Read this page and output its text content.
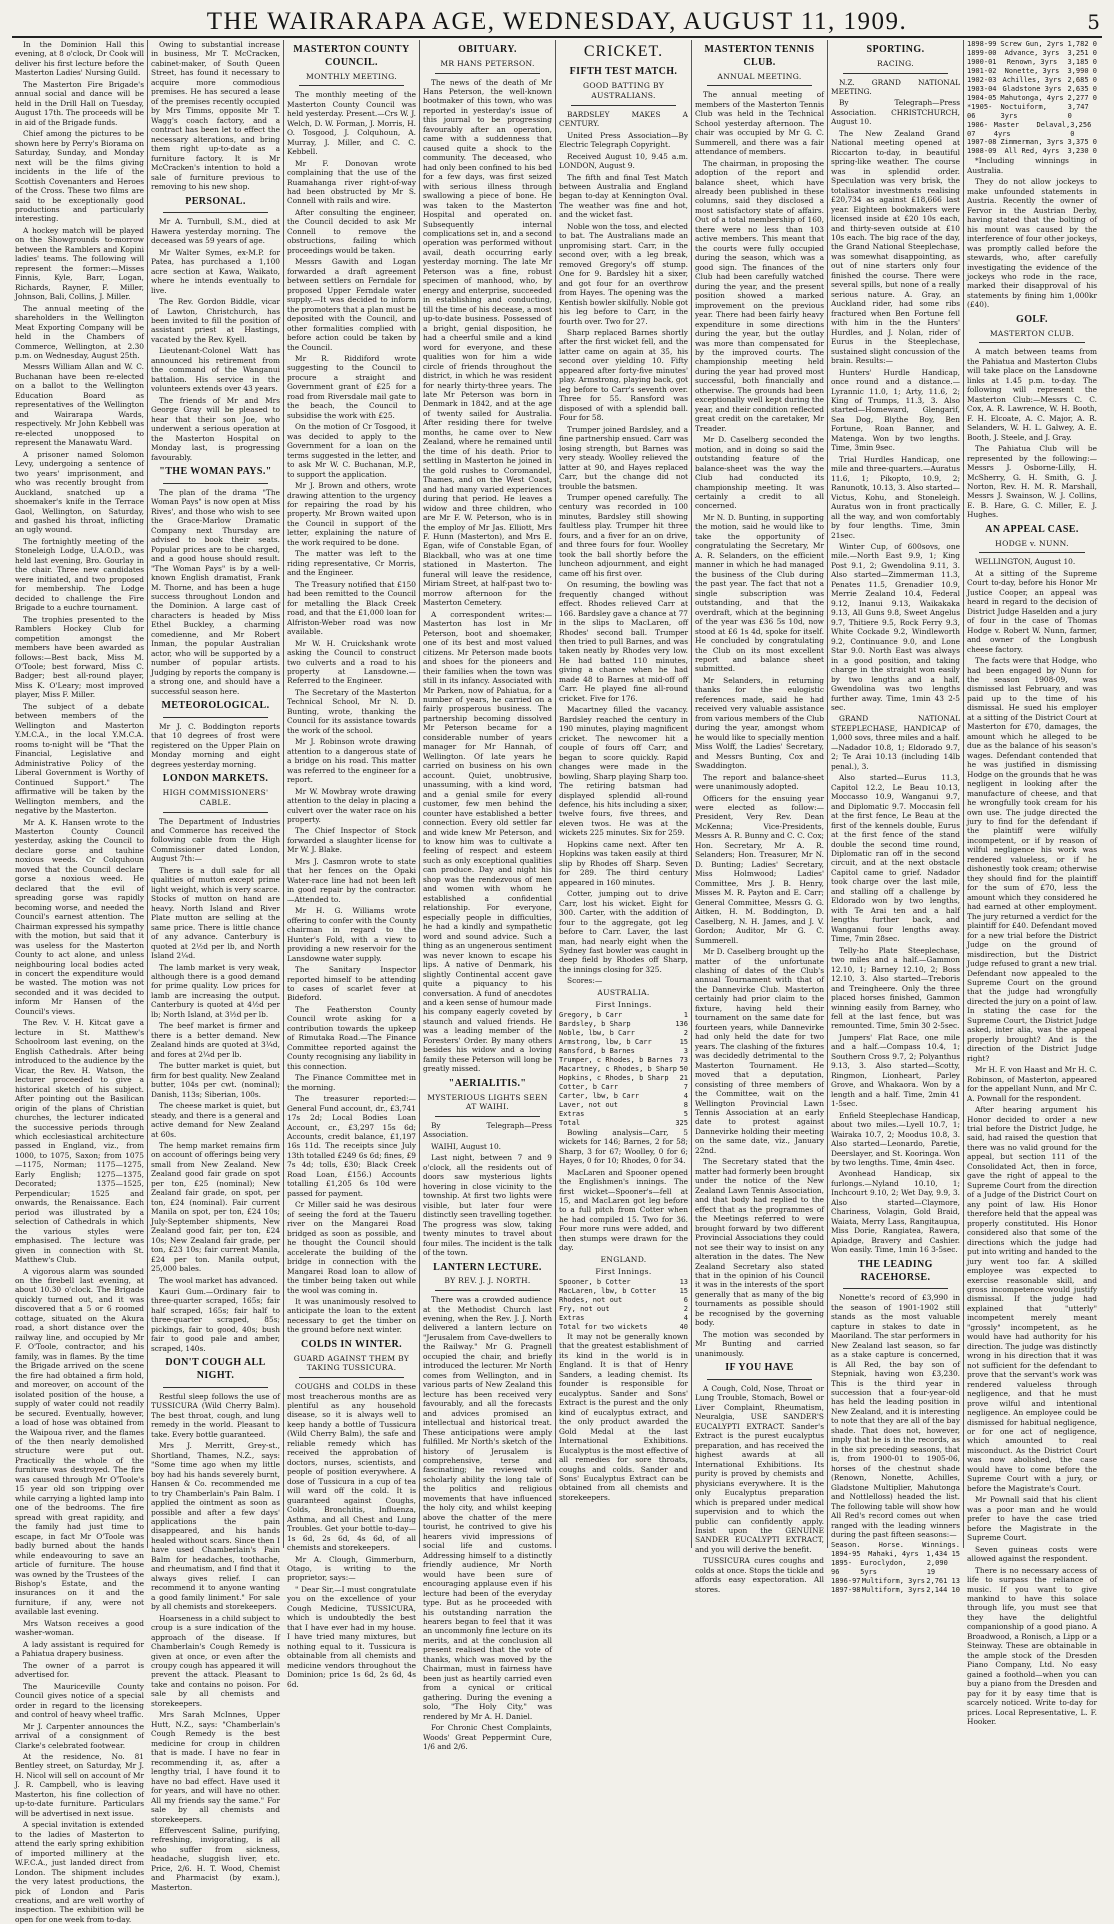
THE WAIRARAPA AGE, WEDNESDAY, AUGUST 11, 1909.	5

In the Dominion Hall this evening, at 8 o'clock, Dr Cook will deliver his first lecture before the Masterton Ladies' Nursing Guild.

The Masterton Fire Brigade's annual social and dance will be held in the Drill Hall on Tuesday, August 17th. The proceeds will be in aid of the Brigade funds.

Chief among the pictures to be shown here by Perry's Biorama on Saturday, Sunday, and Monday next will be the films giving incidents in the life of the Scottish Covenanters and Heroes of the Cross. These two films are said to be exceptionally good productions and particularly interesting.

A hockey match will be played on the Showgrounds to-morrow between the Ramblers and Kopini ladies' teams. The following will represent the former:—Misses Finnis, Kyle, Barr, Logan, Richards, Rayner, F. Miller, Johnson, Bali, Collins, J. Miller.

The annual meeting of the shareholders in the Wellington Meat Exporting Company will be held in the Chambers of Commerce, Wellington, at 2.30 p.m. on Wednesday, August 25th.

Messrs William Allan and W. C. Buchanan have been re-elected on a ballot to the Wellington Education Board as representatives of the Wellington and Wairarapa Wards, respectively. Mr John Kebbell was re-elected unopposed to represent the Manawatu Ward.

A prisoner named Solomon Levy, undergoing a sentence of two years' imprisonment, and who was recently brought from Auckland, snatched up a shoemaker's knife in the Terrace Gaol, Wellington, on Saturday, and gashed his throat, inflicting an ugly wound.

The fortnightly meeting of the Stoneleigh Lodge, U.A.O.D., was held last evening, Bro. Gourlay in the chair. Three new candidates were initiated, and two proposed for membership. The Lodge decided to challenge the Fire Brigade to a euchre tournament.

The trophies presented to the Ramblers Hockey Club for competition amongst the members have been awarded as follows:—Best back, Miss M. O'Toole; best forward, Miss C. Badger; best all-round player, Miss K. O'Leary; most improved player, Miss F. Miller.

The subject of a debate between members of the Wellington and Masterton Y.M.C.A., in the local Y.M.C.A. rooms to-night will be "That the Financial, Legislative and Administrative Policy of the Liberal Government is Worthy of Continued Support." The affirmative will be taken by the Wellington members, and the negative by the Masterton.

Mr A. K. Hansen wrote to the Masterton County Council yesterday, asking the Council to declare gorse and tauhine noxious weeds. Cr Colquhoun moved that the Council declare gorse a noxious weed. He declared that the evil of spreading gorse was rapidly becoming worse, and needed the Council's earnest attention. The Chairman expressed his sympathy with the motion, but said that it was useless for the Masterton County to act alone, and unless neighbouring local bodies acted in concert the expenditure would be wasted. The motion was not seconded and it was decided to inform Mr Hansen of the Council's views.

The Rev. V. H. Kitcat gave a lecture in St. Matthew's Schoolroom last evening, on the English Cathedrals. After being introduced to the audience by the Vicar, the Rev. H. Watson, the lecturer proceeded to give a historical sketch of his subject. After pointing out the Basilican origin of the plans of Christian churches, the lecturer indicated the successive periods through which ecclesiastical architecture passed in England, viz., from 1000, to 1075, Saxon; from 1075—1175, Norman; 1175—1275, Early English; 1275—1375, Decorated; 1375—1525, Perpendicular; 1525 and onwards, the Renaissance. Each period was illustrated by a selection of Cathedrals in which the various styles were emphasised. The lecture was given in connection with St. Matthew's Club.

A vigorous alarm was sounded on the firebell last evening, at about 10.30 o'clock. The Brigade quickly turned out, and it was discovered that a 5 or 6 roomed cottage, situated on the Akura road, a short distance over the railway line, and occupied by Mr F. O'Toole, contractor, and his family, was in flames. By the time the Brigade arrived on the scene the fire had obtained a firm hold, and moreover, on account of the isolated position of the house, a supply of water could not readily be secured. Eventually, however, a load of hose was obtained from the Waipoua river, and the flames of the then nearly demolished structure were put out. Practically the whole of the furniture was destroyed. The fire was caused through Mr O'Toole's 15 year old son tripping over while carrying a lighted lamp into one of the bedrooms. The fire spread with great rapidity, and the family had just time to escape, in fact Mr O'Toole was badly burned about the hands while endeavouring to save an article of furniture. The house was owned by the Trustees of the Bishop's Estate, and the insurances on it and the furniture, if any, were not available last evening.

Mrs Watson receives a good washer-woman.

A lady assistant is required for a Pahiatua drapery business.

The owner of a parrot is advertised for.

The Mauriceville County Council gives notice of a special order in regard to the licensing and control of heavy wheel traffic.

Mr J. Carpenter announces the arrival of a consignment of Clarke's celebrated footwear.

At the residence, No. 81 Bentley street, on Saturday, Mr J. H. Nicol will sell on account of Mr J. R. Campbell, who is leaving Masterton, his fine collection of up-to-date furniture. Particulars will be advertised in next issue.

A special invitation is extended to the ladies of Masterton to attend the early spring exhibition of imported millinery at the W.F.C.A., just landed direct from London. The shipment includes the very latest productions, the pick of London and Paris creations, and are well worthy of inspection. The exhibition will be open for one week from to-day.

Owing to substantial increase in business, Mr T. McCracken, cabinet-maker, of South Queen Street, has found it necessary to acquire more commodious premises. He has secured a lease of the premises recently occupied by Mrs Timms, opposite Mr T. Wagg's coach factory, and a contract has been let to effect the necessary alterations, and bring them right up-to-date as a furniture factory. It is Mr McCracken's intention to hold a sale of furniture previous to removing to his new shop.

PERSONAL.

Mr A. Turnbull, S.M., died at Hawera yesterday morning. The deceased was 59 years of age.

Mr Walter Symes, ex-M.P. for Patea, has purchased a 1,100 acre section at Kawa, Waikato, where he intends eventually to live.

The Rev. Gordon Biddle, vicar of Lawton, Christchurch, has been invited to fill the position of assistant priest at Hastings, vacated by the Rev. Kyell.

Lieutenant-Colonel Watt has announced his retirement from the command of the Wanganui battalion. His service in the volunteers extends over 43 years.

The friends of Mr and Mrs George Gray will be pleased to hear that their son Joe, who underwent a serious operation at the Masterton Hospital on Monday last, is progressing favourably.

"THE WOMAN PAYS."

The plan of the drama "The Woman Pays" is now open at Miss Rives', and those who wish to see the Grace-Marlow Dramatic Company next Thursday are advised to book their seats. Popular prices are to be charged, and a good house should result. "The Woman Pays" is by a well-known English dramatist, Frank M. Thorne, and has been a huge success throughout London and the Dominion. A large cast of characters is headed by Miss Ethel Buckley, a charming comedienne, and Mr Robert Inman, the popular Australian actor, who will be supported by a number of popular artists. Judging by reports the company is a strong one, and should have a successful season here.

METEOROLOGICAL.

Mr J. C. Boddington reports that 10 degrees of frost were registered on the Upper Plain on Monday morning and eight degrees yesterday morning.

LONDON MARKETS.
HIGH COMMISSIONERS' CABLE.

The Department of Industries and Commerce has received the following cable from the High Commissioner dated London, August 7th:—

There is a dull sale for all qualities of mutton except prime light weight, which is very scarce. Stocks of mutton on hand are heavy. North Island and River Plate mutton are selling at the same price. There is little chance of any advance. Canterbury is quoted at 2½d per lb, and North Island 2¼d.

The lamb market is very weak, although there is a good demand for prime quality. Low prices for lamb are increasing the output. Canterbury is quoted at 4½d per lb; North Island, at 3½d per lb.

The beef market is firmer and there is a better demand. New Zealand hinds are quoted at 3¼d, and fores at 2¼d per lb.

The butter market is quiet, but firm for best quality. New Zealand butter, 104s per cwt. (nominal); Danish, 113s; Siberian, 100s.

The cheese market is quiet, but steady, and there is a general and active demand for New Zealand at 60s.

The hemp market remains firm on account of offerings being very small from New Zealand. New Zealand good fair grade on spot per ton, £25 (nominal); New Zealand fair grade, on spot, per ton, £24 (nominal). Fair current Manila on spot, per ton, £24 10s; July-September shipments, New Zealand good fair, per ton, £24 10s; New Zealand fair grade, per ton, £23 10s; fair current Manila, £24 per ton. Manila output, 25,000 bales.

The wool market has advanced.

Kauri Gum.—Ordinary fair to three-quarter scraped, 165s; fair half scraped, 165s; fair half to three-quarter scraped, 85s; pickings, fair to good, 40s; bush fair to good pale and amber, scraped, 140s.

DON'T COUGH ALL NIGHT.

Restful sleep follows the use of TUSSICURA (Wild Cherry Balm). The best throat, cough, and lung remedy in the world. Pleasant to take. Every bottle guaranteed.

Mrs J. Merritt, Grey-st., Shortland, Thames, N.Z., says: "Some time ago when my little boy had his hands severely burnt, Hansen & Co. recommended me to try Chamberlain's Pain Balm. I applied the ointment as soon as possible and after a few days' applications the pain disappeared, and his hands healed without scars. Since then I have used Chamberlain's Pain Balm for headaches, toothache, and rheumatism, and I find that it always gives relief. I can recommend it to anyone wanting a good family liniment." For sale by all chemists and storekeepers.

Hoarseness in a child subject to croup is a sure indication of the approach of the disease. If Chamberlain's Cough Remedy is given at once, or even after the croupy cough has appeared it will prevent the attack. Pleasant to take and contains no poison. For sale by all chemists and storekeepers.

Mrs Sarah McInnes, Upper Hutt, N.Z., says: "Chamberlain's Cough Remedy is the best medicine for croup in children that is made. I have no fear in recommending it, as, after a lengthy trial, I have found it to have no bad effect. Have used it for years, and will have no other. All my friends say the same." For sale by all chemists and storekeepers.

Effervescent Saline, purifying, refreshing, invigorating, is all who suffer from sickness, headache, sluggish liver, etc. Price, 2/6. H. T. Wood, Chemist and Pharmacist (by exam.), Masterton.

MASTERTON COUNTY COUNCIL.
MONTHLY MEETING.

The monthly meeting of the Masterton County Council was held yesterday. Present.—Crs W. J. Welch, D. W. Forman, J. Morris, H. O. Tosgood, J. Colquhoun, A. Murray, J. Miller, and C. C. Kebbell.

Mr F. Donovan wrote complaining that the use of the Ruamahanga river right-of-way had been obstructed by Mr S. Connell with rails and wire.

After consulting the engineer, the Council decided to ask Mr Connell to remove the obstructions, failing which proceedings would be taken.

Messrs Gawith and Logan forwarded a draft agreement between settlers on Ferndale for proposed Upper Ferndale water supply.—It was decided to inform the promoters that a plan must be deposited with the Council, and other formalities complied with before action could be taken by the Council.

Mr R. Riddiford wrote suggesting to the Council to procure a straight and Government grant of £25 for a road from Riversdale mail gate to the beach, the Council to subsidise the work with £25.

On the motion of Cr Tosgood, it was decided to apply to the Government for a loan on the terms suggested in the letter, and to ask Mr W. C. Buchanan, M.P., to support the application.

Mr J. Brown and others, wrote drawing attention to the urgency for repairing the road by his property. Mr Brown waited upon the Council in support of the letter, explaining the nature of the work required to be done.

The matter was left to the riding representative, Cr Morris, and the Engineer.

The Treasury notified that £150 had been remitted to the Council for metalling the Black Creek road, and that the £1,000 loan for Alfriston-Weber road was now available.

Mr W. H. Cruickshank wrote asking the Council to construct two culverts and a road to his property at Lansdowne.—Referred to the Engineer.

The Secretary of the Masterton Technical School, Mr N. D. Bunting, wrote, thanking the Council for its assistance towards the work of the school.

Mr J. Robinson wrote drawing attention to a dangerous state of a bridge on his road. This matter was referred to the engineer for a report.

Mr W. Mowbray wrote drawing attention to the delay in placing a culvert over the water race on his property.

The Chief Inspector of Stock forwarded a slaughter license for Mr W. J. Blake.

Mrs J. Casmron wrote to state that her fences on the Opaki Water-race line had not been left in good repair by the contractor.—Attended to.

Mr H. G. Williams wrote offering to confer with the County chairman in regard to the Hunter's Fold, with a view to providing a new reservoir for the Lansdowne water supply.

The Sanitary Inspector reported himself to be attending to cases of scarlet fever at Bideford.

The Featherston County Council wrote asking for a contribution towards the upkeep of Rimutaka Road.—The Finance Committee reported against the County recognising any liability in this connection.

The Finance Committee met in the morning.

The treasurer reported:—General Fund account, dr., £3,741 17s 2d; Local Bodies Loan Account, cr., £3,297 15s 6d; Accounts, credit balance, £1,197 16s 11d. The receipts since July 13th totalled £249 6s 6d; fines, £9 7s 4d; tolls, £30; Black Creek Road Loan, £156.) Accounts totalling £1,205 6s 10d were passed for payment.

Cr Miller said he was desirous of seeing the ford at the Taueru river on the Mangarei Road bridged as soon as possible, and he thought the Council should accelerate the building of the bridge in connection with the Mangarei Road loan to allow of the timber being taken out while the wool was coming in.

It was unanimously resolved to anticipate the loan to the extent necessary to get the timber on the ground before next winter.

COLDS IN WINTER.
GUARD AGAINST THEM BY TAKING TUSSICURA.

COUGHS and COLDS in these most treacherous months are as plentiful as any household disease, so it is always well to keep handy a bottle of Tussicura (Wild Cherry Balm), the safe and reliable remedy which has received the approbation of doctors, nurses, scientists, and people of position everywhere. A dose of Tussicura in a cup of tea will ward off the cold. It is guaranteed against Coughs, Colds, Bronchitis, Influenza, Asthma, and all Chest and Lung Troubles. Get your bottle to-day—1s 6d, 2s 6d, 4s 6d, of all chemists and storekeepers.

Mr A. Clough, Gimmerburn, Otago, is writing to the proprietor, says:—

" Dear Sir,—I must congratulate you on the excellence of your Cough Medicine, TUSSICURA, which is undoubtedly the best that I have ever had in my house. I have tried many mixtures, but nothing equal to it. Tussicura is obtainable from all chemists and medicine vendors throughout the Dominion; price 1s 6d, 2s 6d, 4s 6d.

OBITUARY.
MR HANS PETERSON.

The news of the death of Mr Hans Peterson, the well-known bootmaker of this town, who was reported in yesterday's issue of this journal to be progressing favourably after an operation, came with a suddenness that caused quite a shock to the community. The deceased, who had only been confined to his bed for a few days, was first seized with serious illness through swallowing a piece of bone. He was taken to the Masterton Hospital and operated on. Subsequently internal complications set in, and a second operation was performed without avail, death occurring early yesterday morning. The late Mr Peterson was a fine, robust specimen of manhood, who, by energy and enterprise, succeeded in establishing and conducting, till the time of his decease, a most up-to-date business. Possessed of a bright, genial disposition, he had a cheerful smile and a kind word for everyone, and these qualities won for him a wide circle of friends throughout the district, in which he was resident for nearly thirty-three years. The late Mr Peterson was born in Denmark in 1842, and at the age of twenty sailed for Australia. After residing there for twelve months, he came over to New Zealand, where he remained until the time of his death. Prior to settling in Masterton he joined in the gold rushes to Coromandel, Thames, and on the West Coast, and had many varied experiences during that period. He leaves a widow and three children, who are Mr F. W. Peterson, who is in the employ of Mr Jas. Elliott, Mrs F. Hunn (Masterton), and Mrs E. Egan, wife of Constable Egan, of Blackball, who was at one time stationed in Masterton. The funeral will leave the residence, Miriam Street, at half-past two to-morrow afternoon for the Masterton Cemetery.

A correspondent writes:—Masterton has lost in Mr Peterson, boot and shoemaker, one of its best and most valued citizens. Mr Peterson made boots and shoes for the pioneers and their families when the town was still in its infancy. Associated with Mr Parken, now of Pahiatua, for a number of years, he carried on a fairly prosperous business. The partnership becoming dissolved Mr Peterson became for a considerable number of years manager for Mr Hannah, of Wellington. Of late years he carried on business on his own account. Quiet, unobtrusive, unassuming, with a kind word, and a genial smile for every customer, few men behind the counter have established a better connection. Every old settler far and wide knew Mr Peterson, and to know him was to cultivate a feeling of respect and esteem such as only exceptional qualities can produce. Day and night his shop was the rendezvous of men and women with whom he established a confidential relationship. For everyone, especially people in difficulties, he had a kindly and sympathetic word and sound advice. Such a thing as an ungenerous sentiment was never known to escape his lips. A native of Denmark, his slightly Continental accent gave quite a piquancy to his conversation. A fund of anecdotes and a keen sense of humour made his company eagerly coveted by staunch and valued friends. He was a leading member of the Foresters' Order. By many others besides his widow and a loving family these Peterson will long be greatly missed.

"AERIALITIS."
MYSTERIOUS LIGHTS SEEN AT WAIHI.

By Telegraph—Press Association.

WAIHI, August 10.

Last night, between 7 and 9 o'clock, all the residents out of doors saw mysterious lights hovering in close vicinity to the township. At first two lights were visible, but later four were distinctly seen travelling together. The progress was slow, taking twenty minutes to travel about four miles. The incident is the talk of the town.

LANTERN LECTURE.
BY REV. J. J. NORTH.

There was a crowded audience at the Methodist Church last evening, when the Rev. J. J. North delivered a lantern lecture on "Jerusalem from Cave-dwellers to the Railway." Mr G. Pragnell occupied the chair, and briefly introduced the lecturer. Mr North comes from Wellington, and in various parts of New Zealand this lecture has been received very favourably, and all the forecasts and advices promised an intellectual and historical treat. These anticipations were amply fulfilled. Mr North's sketch of the history of Jerusalem is comprehensive, terse and fascinating; he reviewed with scholarly ability the long tale of the politics and religious movements that have influenced the holy city, and whilst keeping above the chatter of the mere tourist, he contrived to give his hearers vivid impressions of social life and customs. Addressing himself to a distinctly friendly audience, Mr North would have been sure of encouraging applause even if his lecture had been of the everyday type. But as he proceeded with his outstanding narration the hearers began to feel that it was an uncommonly fine lecture on its merits, and at the conclusion all present realised that the vote of thanks, which was moved by the Chairman, must in fairness have been just as heartily carried even from a cynical or critical gathering. During the evening a solo, "The Holy City," was rendered by Mr A. H. Daniel.

For Chronic Chest Complaints, Woods' Great Peppermint Cure, 1/6 and 2/6.

CRICKET.
FIFTH TEST MATCH.
GOOD BATTING BY AUSTRALIANS.

BARDSLEY MAKES A CENTURY.

United Press Association—By Electric Telegraph Copyright.

Received August 10, 9.45 a.m. LONDON, August 9.

The fifth and final Test Match between Australia and England began to-day at Kennington Oval. The weather was fine and hot, and the wicket fast.

Noble won the toss, and elected to bat. The Australians made an unpromising start. Carr, in the second over, with a leg break, removed Gregory's off stump. One for 9. Bardsley hit a sixer, and got four for an overthrow from Hayes. The opening was the Kentish bowler skilfully. Noble got his leg before to Carr, in the fourth over. Two for 27.

Sharp replaced Barnes shortly after the first wicket fell, and the latter came on again at 35, his second over yielding 10. Fifty appeared after forty-five minutes' play. Armstrong, playing back, got leg before to Carr's seventh over. Three for 55. Ransford was disposed of with a splendid ball. Four for 58.

Trumper joined Bardsley, and a fine partnership ensued. Carr was losing strength, but Barnes was very steady. Woolley relieved the latter at 90, and Hayes replaced Carr, but the change did not trouble the batsmen.

Trumper opened carefully. The century was recorded in 100 minutes, Bardsley still showing faultless play. Trumper hit three fours, and a fiver for an on drive, and three fours for four. Woolley took the ball shortly before the luncheon adjournment, and eight came off his first over.

On resuming, the bowling was frequently changed without effect. Rhodes relieved Carr at 166. Bardsley gave a chance at 77 in the slips to MacLaren, off Rhodes' second ball. Trumper then tried to pull Barnes, and was taken neatly by Rhodes very low. He had batted 110 minutes, giving a chance when he had made 48 to Barnes at mid-off off Carr. He played fine all-round cricket. Five for 176.

Macartney filled the vacancy. Bardsley reached the century in 190 minutes, playing magnificent cricket. The newcomer hit a couple of fours off Carr, and began to score quickly. Rapid changes were made in the bowling, Sharp playing Sharp too. The retiring batsman had displayed splendid all-round defence, his hits including a sixer, twelve fours, five threes, and eleven twos. He was at the wickets 225 minutes. Six for 259.

Hopkins came next. After ten Hopkins was taken easily at third slip by Rhodes off Sharp. Seven for 289. The third century appeared in 160 minutes.

Cotter, jumping out to drive Carr, lost his wicket. Eight for 300. Carter, with the addition of four to the aggregate, got leg before to Carr. Laver, the last man, had nearly eight when the Sydney fast bowler was caught in deep field by Rhodes off Sharp, the innings closing for 325.

Scores:—

AUSTRALIA.
First Innings.
Gregory, b Carr	1
Bardsley, b Sharp	136
Noble, lbw, b Carr	2
Armstrong, lbw, b Carr	15
Ransford, b Barnes	3
Trumper, c Rhodes, b Barnes 73
Macartney, c Rhodes, b Sharp 50
Hopkins, c Rhodes, b Sharp 21
Cotter, b Carr	7
Carter, lbw, b Carr	4
Laver, not out	8
Extras	5
Total	325

Bowling analysis—Carr, 5 wickets for 146; Barnes, 2 for 58; Sharp, 3 for 67; Woolley, 0 for 6; Hayes, 0 for 10; Rhodes, 0 for 34.

MacLaren and Spooner opened the Englishmen's innings. The first wicket—Spooner's—fell at 15, and MacLaren got leg before to a full pitch from Cotter when he had compiled 15. Two for 36. Four more runs were added, and then stumps were drawn for the day.

ENGLAND.
First Innings.
Spooner, b Cotter	13
MacLaren, lbw, b Cotter	15
Rhodes, not out	6
Fry, not out	2
Extras	4
Total for two wickets	40

It may not be generally known that the greatest establishment of its kind in the world is in England. It is that of Henry Sanders, a leading chemist. Its founder is responsible for eucalyptus. Sander and Sons' Extract is the purest and the only kind of eucalyptus extract, and the only product awarded the Gold Medal at the last International Exhibitions. Eucalyptus is the most effective of all remedies for sore throats, coughs and colds. Sander and Sons' Eucalyptus Extract can be obtained from all chemists and storekeepers.

MASTERTON TENNIS CLUB.
ANNUAL MEETING.

The annual meeting of members of the Masterton Tennis Club was held in the Technical School yesterday afternoon. The chair was occupied by Mr G. C. Summerell, and there was a fair attendance of members.

The chairman, in proposing the adoption of the report and balance sheet, which have already been published in these columns, said they disclosed a most satisfactory state of affairs. Out of a total membership of 160, there were no less than 103 active members. This meant that the courts were fully occupied during the season, which was a good sign. The finances of the Club had been carefully watched during the year, and the present position showed a marked improvement on the previous year. There had been fairly heavy expenditure in some directions during the year, but the outlay was more than compensated for by the improved courts. The championship meeting held during the year had proved most successful, both financially and otherwise. The grounds had been exceptionally well kept during the year, and their condition reflected great credit on the caretaker, Mr Treader.

Mr D. Caselberg seconded the motion, and in doing so said the outstanding feature of the balance-sheet was the way the Club had conducted its championship meeting. It was certainly a credit to all concerned.

Mr N. D. Bunting, in supporting the motion, said he would like to take the opportunity of congratulating the Secretary, Mr A. R. Selanders, on the efficient manner in which he had managed the business of the Club during the past year. The fact that not a single subscription was outstanding, and that the overdraft, which at the beginning of the year was £36 5s 10d, now stood at £6 1s 4d, spoke for itself. He concluded by congratulating the Club on its most excellent report and balance sheet submitted.

Mr Selanders, in returning thanks for the eulogistic references made, said he had received very valuable assistance from various members of the Club during the year, amongst whom he would like to specially mention Miss Wolff, the Ladies' Secretary, and Messrs Bunting, Cox and Swaddington.

The report and balance-sheet were unanimously adopted.

Officers for the ensuing year were elected as follow:—President, Very Rev. Dean McKenna; Vice-Presidents, Messrs A. R. Bunny and C. C. Cox; Hon. Secretary, Mr A. R. Selanders; Hon. Treasurer, Mr N. D. Bunting; Ladies' Secretary, Miss Holmwood; Ladies' Committee, Mrs J. B. Henry, Misses M. R. Payton and E. Carr; General Committee, Messrs G. G. Aitken, H. M. Boddington, D. Caselberg, N. H. James, and J. V. Gordon; Auditor, Mr G. C. Summerell.

Mr D. Caselberg brought up the matter of the unfortunate clashing of dates of the Club's annual Tournament with that of the Dannevirke Club. Masterton certainly had prior claim to the fixture, having held their tournament on the same date for fourteen years, while Dannevirke had only held the date for two years. The clashing of the fixtures was decidedly detrimental to the Masterton Tournament. He moved that a deputation, consisting of three members of the Committee, wait on the Wellington Provincial Lawn Tennis Association at an early date to protest against Dannevirke holding their meeting on the same date, viz., January 22nd.

The Secretary stated that the matter had formerly been brought under the notice of the New Zealand Lawn Tennis Association, and that body had replied to the effect that as the programmes of the Meetings referred to were brought forward by two different Provincial Associations they could not see their way to insist on any alteration in the dates. The New Zealand Secretary also stated that in the opinion of his Council it was in the interests of the sport generally that as many of the big tournaments as possible should be recognised by the governing body.

The motion was seconded by Mr Bunting and carried unanimously.

IF YOU HAVE

A Cough, Cold, Nose, Throat or Lung Trouble, Stomach, Bowel or Liver Complaint, Rheumatism, Neuralgia, USE SANDER'S EUCALYPTI EXTRACT. Sander's Extract is the purest eucalyptus preparation, and has received the highest awards at all International Exhibitions. Its purity is proved by chemists and physicians everywhere. It is the only Eucalyptus preparation which is prepared under medical supervision and to which the public can confidently apply. Insist upon the GENUINE SANDER EUCALYPTI EXTRACT, and you will derive the benefit.

TUSSICURA cures coughs and colds at once. Stops the tickle and affords easy expectoration. All stores.

SPORTING.
RACING.

N.Z. GRAND NATIONAL MEETING.

By Telegraph—Press Association. CHRISTCHURCH, August 10.

The New Zealand Grand National meeting opened at Riccarton to-day, in beautiful spring-like weather. The course was in splendid order. Speculation was very brisk, the totalisator investments realising £20,734 as against £18,666 last year. Eighteen bookmakers were licensed inside at £20 10s each, and thirty-seven outside at £10 10s each. The big race of the day, the Grand National Steeplechase, was somewhat disappointing, as out of nine starters only four finished the course. There were several spills, but none of a really serious nature. A. Gray, an Auckland rider, had some ribs fractured when Ben Fortune fell with him in the the Hunters' Hurdles, and J. Nolan, rider of Eurus in the Steeplechase, sustained slight concussion of the brain. Results:—

Hunters' Hurdle Handicap, once round and a distance.—Lyrannic 11.0, 1; Arty, 11.6, 2; King of Trumps, 11.3, 3. Also started—Homeward, Glengarif, Sea Dog, Blythe Boy, Ben Fortune, Roan Banner, and Matenga. Won by two lengths. Time, 3min 9sec.

Trial Hurdles Handicap, one mile and three-quarters.—Auratus 11.6, 1; Pikopto, 10.9, 2; Ranunotk, 10.13, 3. Also started—Victus, Kohu, and Stoneleigh. Auratus won in front practically all the way, and won comfortably by four lengths. Time, 3min 21sec.

Winter Cup, of 600sovs, one mile.—North East 9.9, 1; King Post 9.1, 2; Gwendolina 9.11, 3. Also started—Zimmerman 11.3, Penates 11.5, Grenadier 10.9, Merrie Zealand 10.4, Federal 9.12, Inanui 9.13, Waikakaka 9.13, All Guns 9.8, Sweet Angelus 9.7, Thitiere 9.5, Rock Ferry 9.3, White Cockade 9.2, Windleworth 9.2, Continuance 9.0, and Lone Star 9.0. North East was always in a good position, and taking charge in the straight won easily by two lengths and a half, Gwendolina was two lengths further away. Time, 1min 43 2-5 sec.

GRAND NATIONAL STEEPLECHASE, HANDICAP of 1,000 sovs, three miles and a half.—Nadador 10.8, 1; Eldorado 9.7, 2; Te Arai 10.13 (including 14lb penal.), 3.

Also started—Eurus 11.3, Capitol 12.2, Le Beau 10.13, Moccasso 10.9, Wanganui 9.7, and Diplomatic 9.7. Moccasin fell at the first fence, Le Beau at the first of the kennels double, Eurus at the first fence of the stand double the second time round, Diplomatic ran off in the second circuit, and at the next obstacle Capitol came to grief. Nadador took charge over the last mile, and stalling off a challenge by Eldorado won by two lengths, with Te Arai ten and a half lengths further back, and Wanganui four lengths away. Time, 7min 28sec.

Telly-ho Plate Steeplechase, two miles and a half.—Gammon 12.10, 1; Barney 12.10, 2; Boss 12.10, 3. Also started—Treboris and Treingheere. Only the three placed horses finished, Gammon winning easily from Barney, who fell at the last fence, but was remounted. Time, 5min 30 2-5sec.

Jumpers' Flat Race, one mile and a half.—Compass 10.4, 1; Southern Cross 9.7, 2; Polyanthus 9.13, 3. Also started—Scotty, Ringmon, Lionheart, Parley Grove, and Whakaora. Won by a length and a half. Time, 2min 41 1-5sec.

Enfield Steeplechase Handicap, about two miles.—Lyell 10.7, 1; Wairaka 10.7, 2; Moodus 10.8, 3. Also started—Leonardo, Paretie, Deerslayer, and St. Kooringa. Won by two lengths. Time, 4min 4sec.

Avonhead Handicap, six furlongs.—Nyland 10.10, 1; Inchcourt 9.10, 2; Wet Day, 9.9, 3. Also started—Claymore, Chariness, Volagin, Gold Braid, Waiata, Merry Lass, Rangitaupua, Miss Dorie, Rangiatea, Rawera, Apiadge, Bravery and Cashier. Won easily. Time, 1min 16 3-5sec.

THE LEADING RACEHORSE.

Nonette's record of £3,990 in the season of 1901-1902 still stands as the most valuable capture in stakes to date in Maoriland. The star performers in New Zealand last season, so far as a stake capture is concerned, is All Red, the bay son of Stepniak, having won £3,230. This is the third year in succession that a four-year-old has held the leading position in New Zealand, and it is interesting to note that they are all of the bay shade. That does not, however, imply that he is in the records, as in the six preceding seasons, that is, from 1900-01 to 1905-06, horses of the chestnut shade (Renown, Nonette, Achilles, Gladstone Multiplier, Mahutonga and Nottlelloss) headed the list. The following table will show how All Red's record comes out when ranged with the leading winners during the past fifteen seasons:—

Season.	Horse.	Winnings.
1894-95 Mahaki, 4yrs 1,434 15
1895-96
Euroclydon, 5yrs
2,090 19
1896-97 Multiform, 3yrs 2,761 13
1897-98 Multiform, 3yrs 2,144 10
1898-99 Screw Gun, 2yrs 1,782 0
1899-00 Advance, 3yrs 3,251 0
1900-01 Renown, 3yrs 3,185 0
1901-02 Nonette, 3yrs 3,990 0
1902-03 Achilles, 3yrs 2,685 0
1903-04 Gladstone 3yrs 2,635 0
1904-05 Mahutonga, 4yrs 2,277 0
*1905-06
Noctuiform, 3yrs
3,747 0
1906-07
Master Delaval, 4yrs
3,256 0
1907-08 Zimmerman, 3yrs 3,375 0
1908-09 All Red, 4yrs 3,230 0

*Including winnings in Australia.

They do not allow jockeys to make unfounded statements in Austria. Recently the owner of Fervor in the Austrian Derby, having stated that the bolting of his mount was caused by the interference of four other jockeys, was promptly called before the stewards, who, after carefully investigating the evidence of the jockeys who rode in the race, marked their disapproval of his statements by fining him 1,000kr (£40).

GOLF.
MASTERTON CLUB.

A match between teams from the Pahiatua and Masterton Clubs will take place on the Lansdowne links at 1.45 p.m. to-day. The following will represent the Masterton Club:—Messrs C. C. Cox, A. R. Lawrence, W. H. Booth, F. H. Elcoate, A. C. Major, A. R. Selanders, W. H. L. Galwey, A. E. Booth, J. Steele, and J. Gray.

The Pahiatua Club will be represented by the following:—Messrs J. Osborne-Lilly, H. McSherry, G. H. Smith, G. J. Norton, Rev. H. M. R. Marshall, Messrs J. Swainson, W. J. Collins, E. B. Hare, G. C. Miller, E. J. Hughes.

AN APPEAL CASE.
HODGE v. NUNN.

WELLINGTON, August 10.

At a sitting of the Supreme Court to-day, before his Honor Mr Justice Cooper, an appeal was heard in regard to the decision of District Judge Haselden and a jury of four in the case of Thomas Hodge v. Robert W. Nunn, farmer, and owner of the Longbush cheese factory.

The facts were that Hodge, who had been engaged by Nunn for the season 1908-09, was dismissed last February, and was paid up to the time of his dismissal. He sued his employer at a sitting of the District Court at Masterton for £70, damages, the amount which he alleged to be due as the balance of his season's wages. Defendant contended that he was justified in dismissing Hodge on the grounds that he was negligent in looking after the manufacture of cheese, and that he wrongfully took cream for his own use. The judge directed the jury to find for the defendant if the plaintiff were wilfully incompetent, or if by reason of wilful negligence his work was rendered valueless, or if he dishonestly took cream; otherwise they should find for the plaintiff for the sum of £70, less the amount which they considered he had earned at other employment. The jury returned a verdict for the plaintiff for £40. Defendant moved for a new trial before the District Judge on the ground of misdirection, but the District Judge refused to grant a new trial. Defendant now appealed to the Supreme Court on the ground that the judge had wrongfully directed the jury on a point of law. In stating the case for the Supreme Court, the District Judge asked, inter alia, was the appeal properly brought? And is the direction of the District Judge right?

Mr H. F. von Haast and Mr H. C. Robinson, of Masterton, appeared for the appellant Nunn, and Mr C. A. Pownall for the respondent.

After hearing argument his Honor decided to order a new trial before the District Judge, he said, had raised the question that there was no valid ground for the appeal, but section 111 of the Consolidated Act, then in force, gave the right of appeal to the Supreme Court from the direction of a Judge of the District Court on any point of law. His Honor therefore held that the appeal was properly constituted. His Honor considered also that some of the directions which the judge had put into writing and handed to the jury went too far. A skilled employee was expected to exercise reasonable skill, and gross incompetence would justify dismissal. If the judge had explained that "utterly" incompetent merely meant "grossly" incompetent, as he would have had authority for his direction. The judge was distinctly wrong in his direction that it was not sufficient for the defendant to prove that the servant's work was rendered valueless through negligence, and that he must prove wilful and intentional negligence. An employee could be dismissed for habitual negligence, or for one act of negligence, which amounted to real misconduct. As the District Court was now abolished, the case would have to come before the Supreme Court with a jury, or before the Magistrate's Court.

Mr Pownall said that his client was a poor man and he would prefer to have the case tried before the Magistrate in the Supreme Court.

Seven guineas costs were allowed against the respondent.

There is no necessary access of life to surpass the reliance of music. If you want to give mankind to have this solace through life, you must see that they have the delightful companionship of a good piano. A Broadwood, a Ronisch, a Lipp or a Steinway. These are obtainable in the ample stock of the Dresden Piano Company, Ltd. No easy gained a foothold—when you can buy a piano from the Dresden and pay for it by easy time that is scarcely noticed. Write to-day for prices. Local Representative, L. F. Hooker.
